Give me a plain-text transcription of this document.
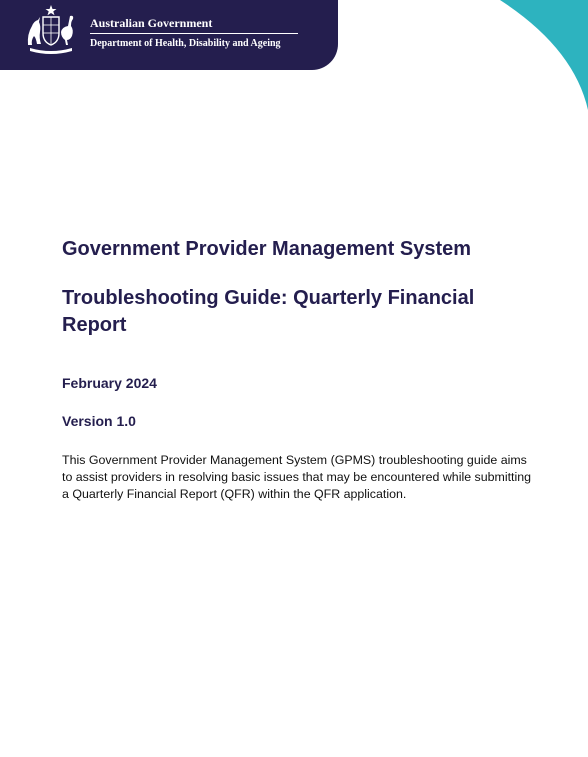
Australian Government
Department of Health, Disability and Ageing
Government Provider Management System
Troubleshooting Guide: Quarterly Financial Report

February 2024

Version 1.0

This Government Provider Management System (GPMS) troubleshooting guide aims to assist providers in resolving basic issues that may be encountered while submitting a Quarterly Financial Report (QFR) within the QFR application.
